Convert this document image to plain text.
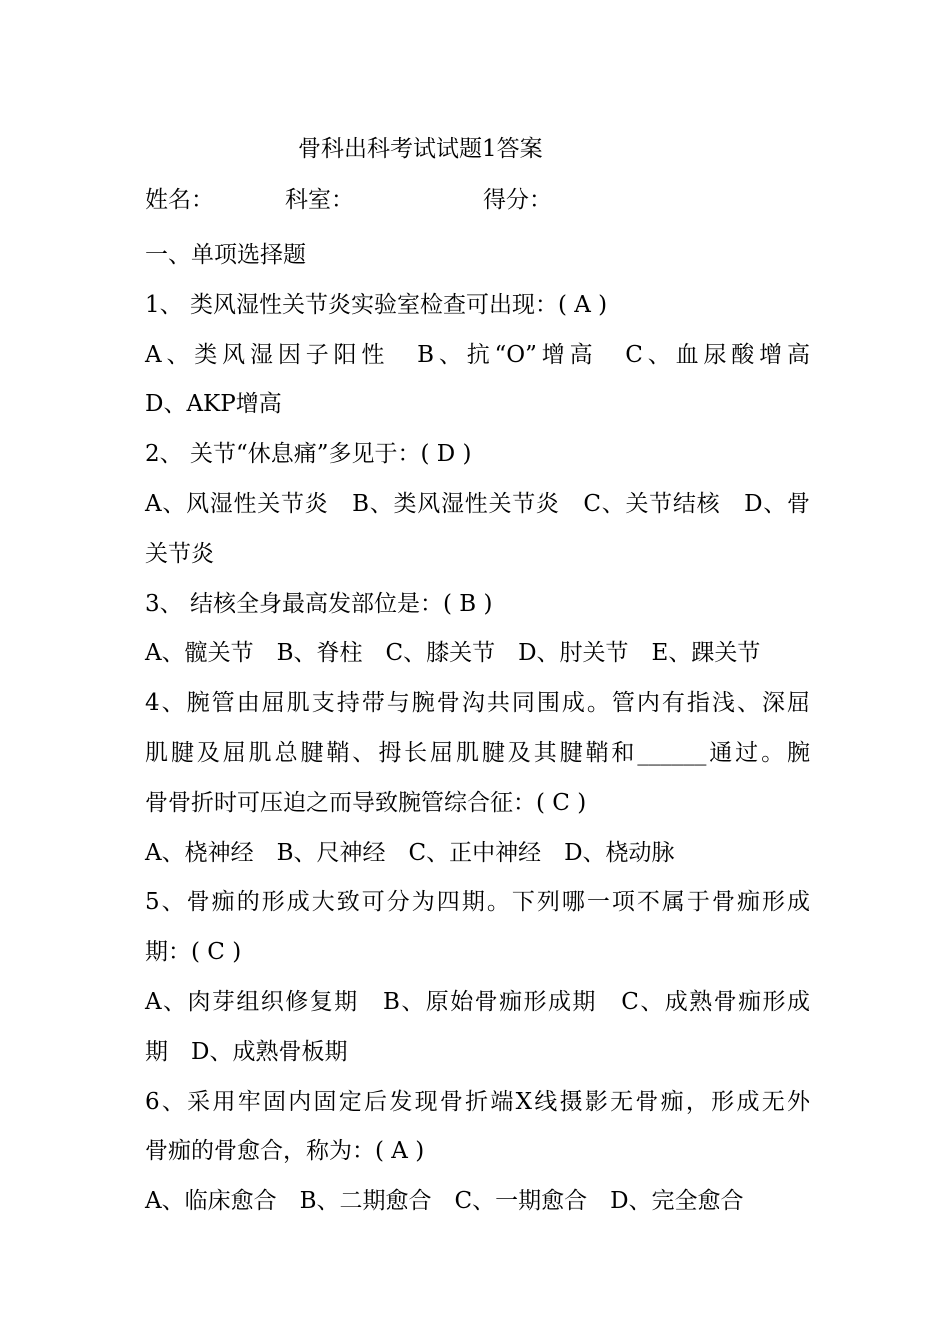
骨科出科考试试题1答案
姓名：	科室：	得分：
一、单项选择题
1、 类风湿性关节炎实验室检查可出现：( A )
A、类风湿因子阳性　B、抗“O”增高　C、血尿酸增高
D、AKP增高
2、 关节“休息痛”多见于：( D )
A、风湿性关节炎　B、类风湿性关节炎　C、关节结核　D、骨
关节炎
3、 结核全身最高发部位是：( B )
A、髋关节　B、脊柱　C、膝关节　D、肘关节　E、踝关节
4、腕管由屈肌支持带与腕骨沟共同围成。管内有指浅、深屈
肌腱及屈肌总腱鞘、拇长屈肌腱及其腱鞘和______通过。腕
骨骨折时可压迫之而导致腕管综合征：( C )
A、桡神经　B、尺神经　C、正中神经　D、桡动脉
5、骨痂的形成大致可分为四期。下列哪一项不属于骨痂形成
期：( C )
A、肉芽组织修复期　B、原始骨痂形成期　C、成熟骨痂形成
期　D、成熟骨板期
6、采用牢固内固定后发现骨折端X线摄影无骨痂，形成无外
骨痂的骨愈合，称为：( A )
A、临床愈合　B、二期愈合　C、一期愈合　D、完全愈合
